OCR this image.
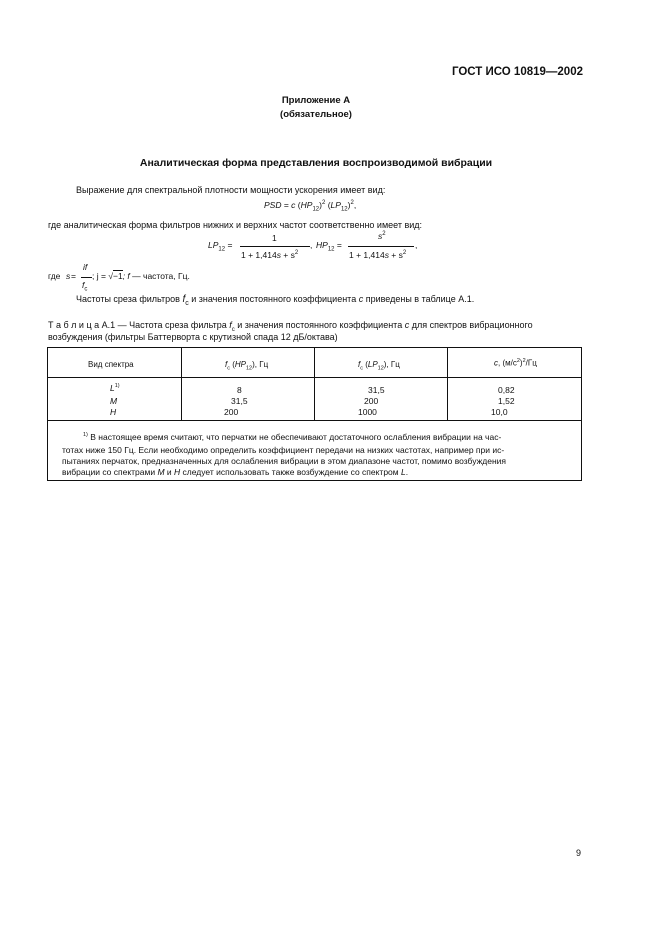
ГОСТ ИСО 10819—2002
Приложение А
(обязательное)
Аналитическая форма представления воспроизводимой вибрации
Выражение для спектральной плотности мощности ускорения имеет вид:
PSD = c $(HP_{12})^2$ $(LP_{12})^2$,
где аналитическая форма фильтров нижних и верхних частот соответственно имеет вид:
$LP_{12}$ =
1
$1 + 1,414s + s^2$
, $HP_{12}$ =
$s^2$
$1 + 1,414s + s^2$
,
где s =
if
$f_c$
; j = √−1; f — частота, Гц.
Частоты среза фильтров $f_c$ и значения постоянного коэффициента c приведены в таблице А.1.
Т а б л и ц а А.1 — Частота среза фильтра $f_c$ и значения постоянного коэффициента c для спектров вибрационного
возбуждения (фильтры Баттерворта с крутизной спада 12 дБ/октава)
Вид спектра	$f_c$ $(HP_{12})$, Гц	$f_c$ $(LP_{12})$, Гц	c, $(м/с^2)^2/Гц$
$L^{1)}$	8	31,5	0,82
M	31,5	200	1,52
H	200	1000	10,0
$^{1)}$ В настоящее время считают, что перчатки не обеспечивают достаточного ослабления вибрации на час-
тотах ниже 150 Гц. Если необходимо определить коэффициент передачи на низких частотах, например при ис-
пытаниях перчаток, предназначенных для ослабления вибрации в этом диапазоне частот, помимо возбуждения
вибрации со спектрами M и H следует использовать также возбуждение со спектром L.
9
